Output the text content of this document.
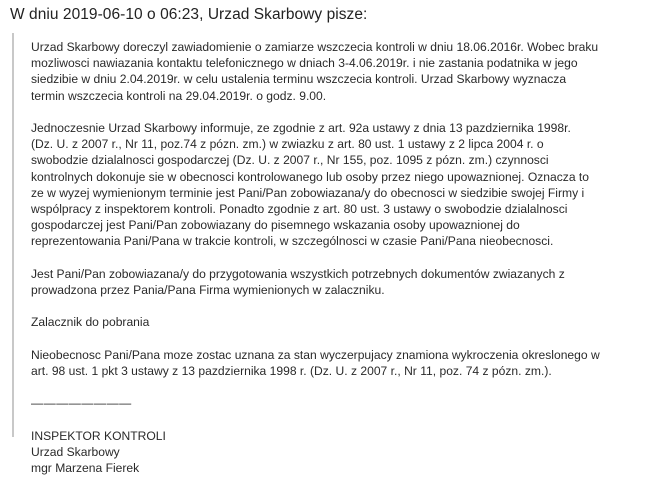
W dniu 2019-06-10 o 06:23, Urzad Skarbowy pisze:
Urzad Skarbowy doreczyl zawiadomienie o zamiarze wszczecia kontroli w dniu 18.06.2016r. Wobec braku
mozliwosci nawiazania kontaktu telefonicznego w dniach 3-4.06.2019r. i nie zastania podatnika w jego
siedzibie w dniu 2.04.2019r. w celu ustalenia terminu wszczecia kontroli. Urzad Skarbowy wyznacza
termin wszczecia kontroli na 29.04.2019r. o godz. 9.00.
Jednoczesnie Urzad Skarbowy informuje, ze zgodnie z art. 92a ustawy z dnia 13 pazdziernika 1998r.
(Dz. U. z 2007 r., Nr 11, poz.74 z pózn. zm.) w zwiazku z art. 80 ust. 1 ustawy z 2 lipca 2004 r. o
swobodzie dzialalnosci gospodarczej (Dz. U. z 2007 r., Nr 155, poz. 1095 z pózn. zm.) czynnosci
kontrolnych dokonuje sie w obecnosci kontrolowanego lub osoby przez niego upowaznionej. Oznacza to
ze w wyzej wymienionym terminie jest Pani/Pan zobowiazana/y do obecnosci w siedzibie swojej Firmy i
wspólpracy z inspektorem kontroli. Ponadto zgodnie z art. 80 ust. 3 ustawy o swobodzie dzialalnosci
gospodarczej jest Pani/Pan zobowiazany do pisemnego wskazania osoby upowaznionej do
reprezentowania Pani/Pana w trakcie kontroli, w szczególnosci w czasie Pani/Pana nieobecnosci.
Jest Pani/Pan zobowiazana/y do przygotowania wszystkich potrzebnych dokumentów zwiazanych z
prowadzona przez Pania/Pana Firma wymienionych w zalaczniku.
Zalacznik do pobrania
Nieobecnosc Pani/Pana moze zostac uznana za stan wyczerpujacy znamiona wykroczenia okreslonego w
art. 98 ust. 1 pkt 3 ustawy z 13 pazdziernika 1998 r. (Dz. U. z 2007 r., Nr 11, poz. 74 z pózn. zm.).
————————
INSPEKTOR KONTROLI
Urzad Skarbowy
mgr Marzena Fierek
